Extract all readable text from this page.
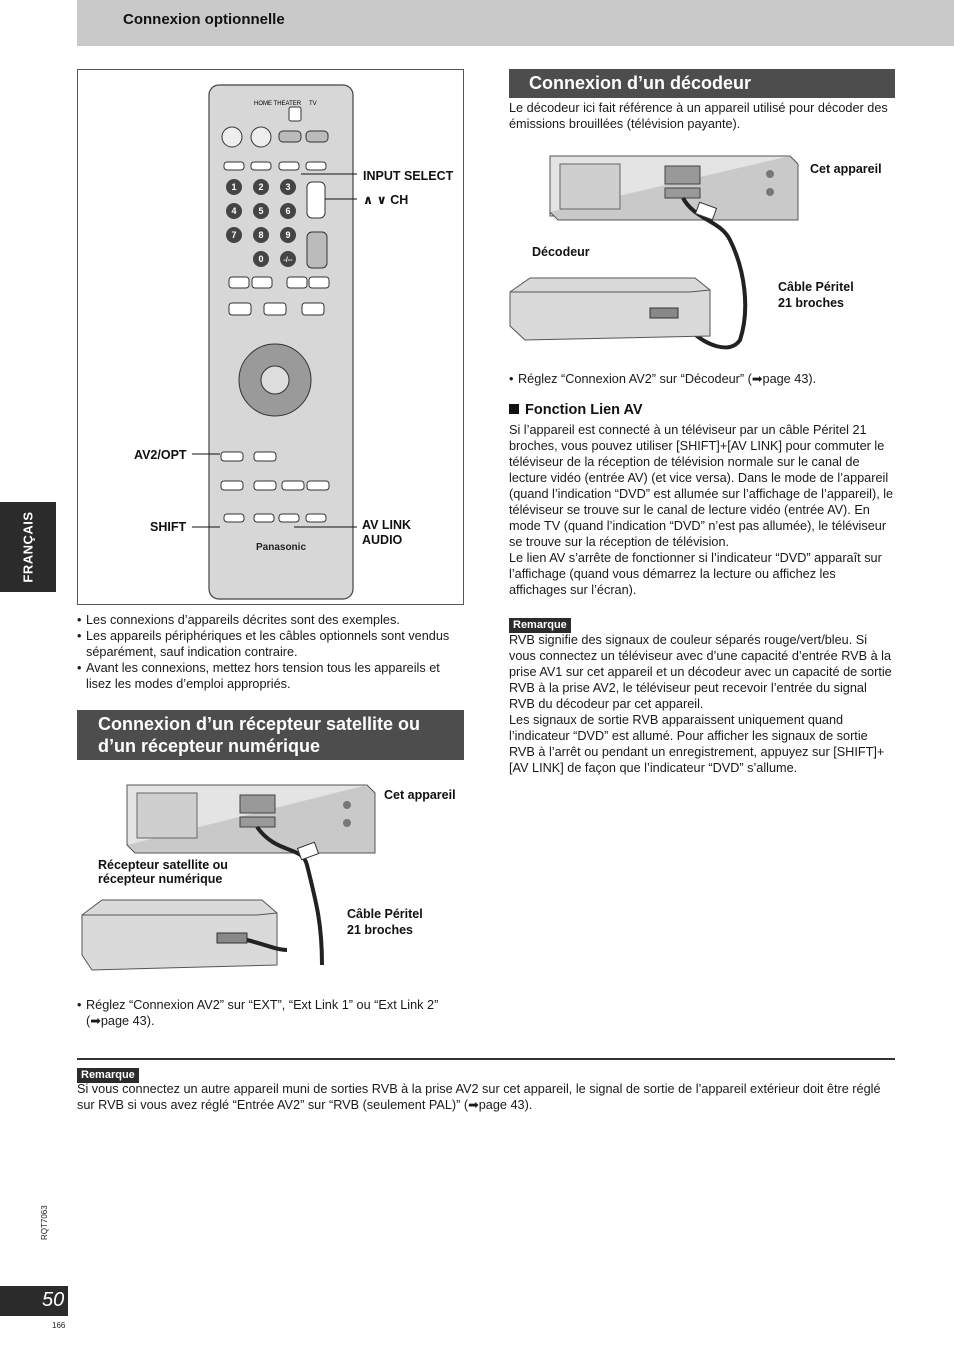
Connexion optionnelle
FRANÇAIS
HOME THEATER TV
1 2 3
4 5 6
7 8 9
0	-/--
Panasonic
INPUT SELECT
∧ ∨ CH
AV2/OPT
SHIFT	AV LINK
AUDIO

• Les connexions d’appareils décrites sont des exemples.

• Les appareils périphériques et les câbles optionnels sont vendus séparément, sauf indication contraire.

• Avant les connexions, mettez hors tension tous les appareils et lisez les modes d’emploi appropriés.

Connexion d’un récepteur satellite ou
d’un récepteur numérique
Cet appareil
Récepteur satellite ou
récepteur numérique
Câble Péritel
21 broches

• Réglez “Connexion AV2” sur “EXT”, “Ext Link 1” ou “Ext Link 2” (➡page 43).

Connexion d’un décodeur
Le décodeur ici fait référence à un appareil utilisé pour décoder des émissions brouillées (télévision payante).
Cet appareil
Décodeur
Câble Péritel
21 broches

• Réglez “Connexion AV2” sur “Décodeur” (➡page 43).

Fonction Lien AV
Si l’appareil est connecté à un téléviseur par un câble Péritel 21 broches, vous pouvez utiliser [SHIFT]+[AV LINK] pour commuter le téléviseur de la réception de télévision normale sur le canal de lecture vidéo (entrée AV) (et vice versa). Dans le mode de l’appareil (quand l’indication “DVD” est allumée sur l’affichage de l’appareil), le téléviseur se trouve sur le canal de lecture vidéo (entrée AV). En mode TV (quand l’indication “DVD” n’est pas allumée), le téléviseur se trouve sur la réception de télévision.
Le lien AV s’arrête de fonctionner si l’indicateur “DVD” apparaît sur l’affichage (quand vous démarrez la lecture ou affichez les affichages sur l’écran).
Remarque
RVB signifie des signaux de couleur séparés rouge/vert/bleu. Si vous connectez un téléviseur avec d’une capacité d’entrée RVB à la prise AV1 sur cet appareil et un décodeur avec un capacité de sortie RVB à la prise AV2, le téléviseur peut recevoir l’entrée du signal RVB du décodeur par cet appareil.
Les signaux de sortie RVB apparaissent uniquement quand l’indicateur “DVD” est allumé. Pour afficher les signaux de sortie RVB à l’arrêt ou pendant un enregistrement, appuyez sur [SHIFT]+[AV LINK] de façon que l’indicateur “DVD” s’allume.
Remarque
Si vous connectez un autre appareil muni de sorties RVB à la prise AV2 sur cet appareil, le signal de sortie de l’appareil extérieur doit être réglé sur RVB si vous avez réglé “Entrée AV2” sur “RVB (seulement PAL)” (➡page 43).
RQT7063
50
166
